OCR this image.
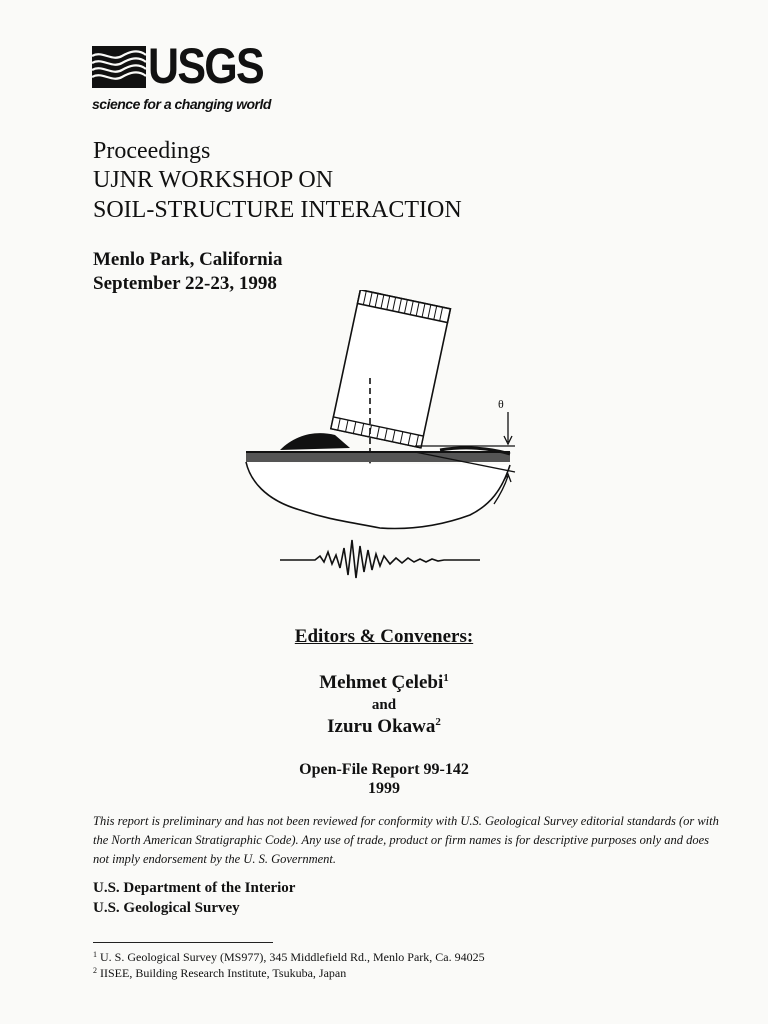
USGS
science for a changing world
Proceedings
UJNR WORKSHOP ON
SOIL-STRUCTURE INTERACTION
Menlo Park, California
September 22-23, 1998
θ
Editors & Conveners:
Mehmet Çelebi$^1$
and
Izuru Okawa$^2$
Open-File Report 99-142
1999
This report is preliminary and has not been reviewed for conformity with U.S. Geological Survey editorial standards (or with the North American Stratigraphic Code). Any use of trade, product or firm names is for descriptive purposes only and does not imply endorsement by the U. S. Government.
U.S. Department of the Interior
U.S. Geological Survey
$^1$ U. S. Geological Survey (MS977), 345 Middlefield Rd., Menlo Park, Ca. 94025
$^2$ IISEE, Building Research Institute, Tsukuba, Japan
